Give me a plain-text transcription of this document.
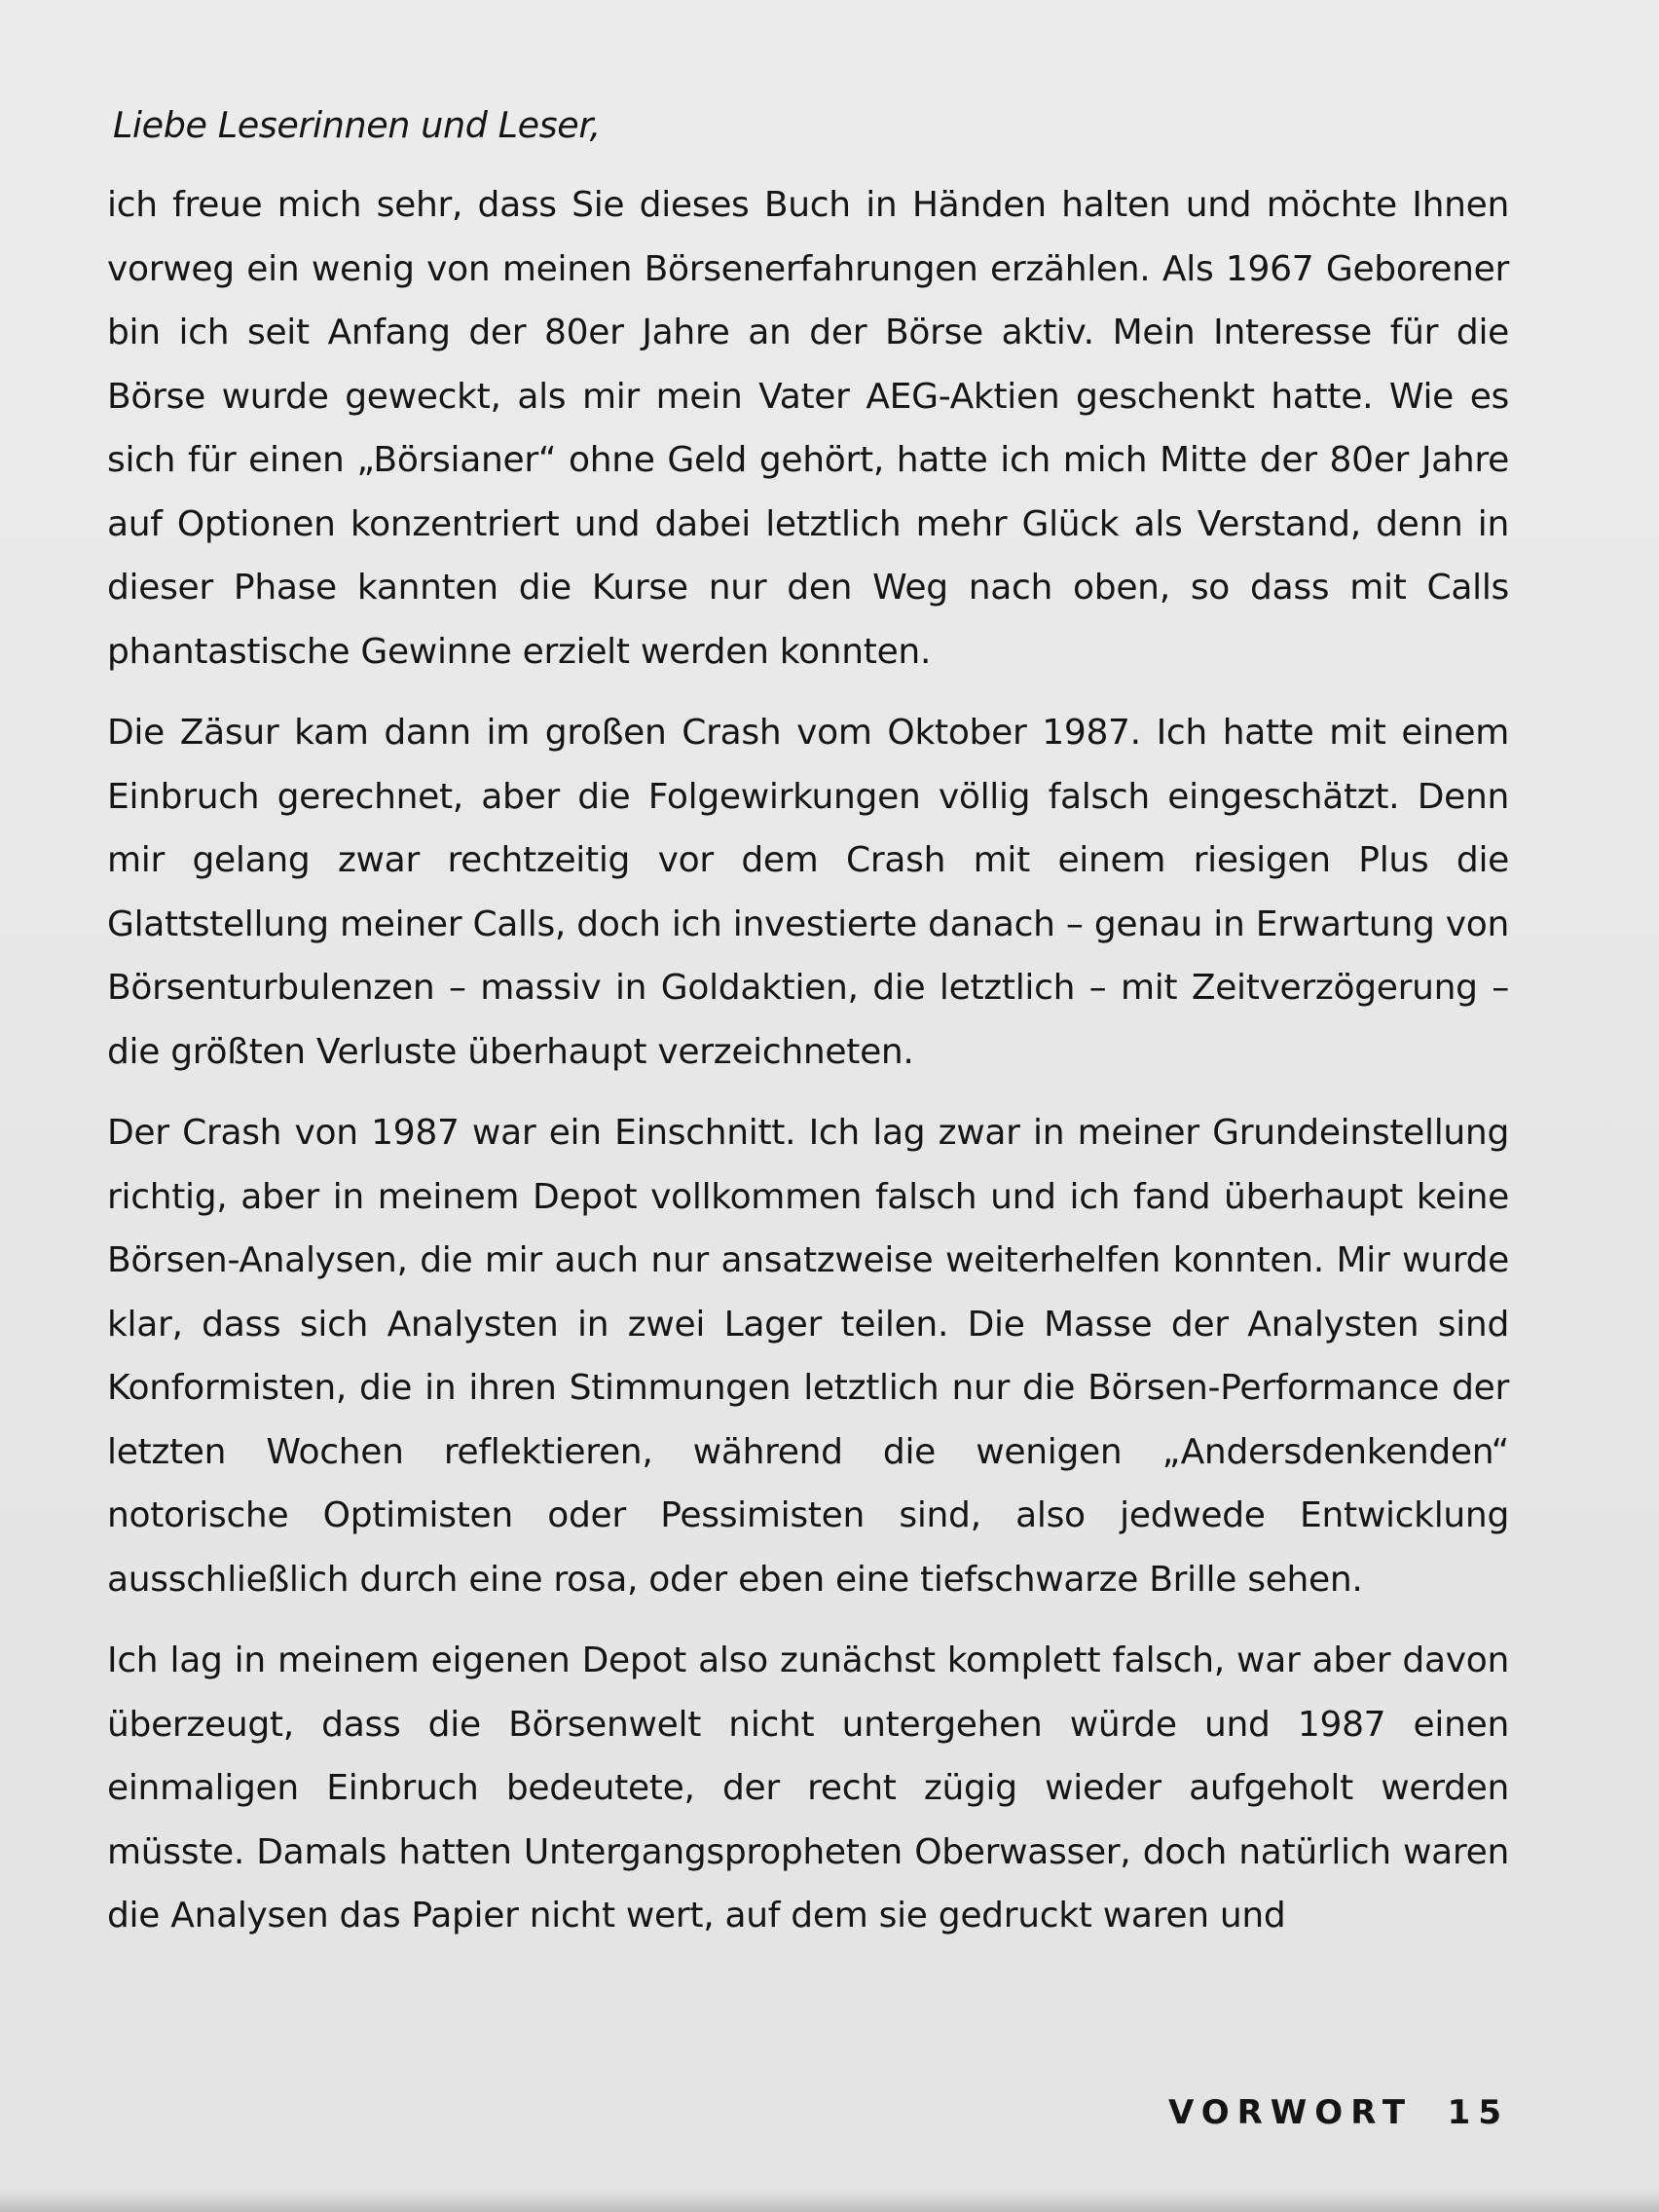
Liebe Leserinnen und Leser,

ich freue mich sehr, dass Sie dieses Buch in Händen halten und möchte Ihnen vorweg ein wenig von meinen Börsenerfahrungen erzählen. Als 1967 Geborener bin ich seit Anfang der 80er Jahre an der Börse aktiv. Mein Interesse für die Börse wurde geweckt, als mir mein Vater AEG-Aktien geschenkt hatte. Wie es sich für einen „Börsianer“ ohne Geld gehört, hatte ich mich Mitte der 80er Jahre auf Optionen konzentriert und dabei letztlich mehr Glück als Verstand, denn in dieser Phase kannten die Kurse nur den Weg nach oben, so dass mit Calls phantastische Gewinne erzielt werden konnten.

Die Zäsur kam dann im großen Crash vom Oktober 1987. Ich hatte mit einem Einbruch gerechnet, aber die Folgewirkungen völlig falsch eingeschätzt. Denn mir gelang zwar rechtzeitig vor dem Crash mit einem riesigen Plus die Glattstellung meiner Calls, doch ich investierte danach – genau in Erwartung von Börsenturbulenzen – massiv in Goldaktien, die letztlich – mit Zeitverzögerung – die größten Verluste überhaupt verzeichneten.

Der Crash von 1987 war ein Einschnitt. Ich lag zwar in meiner Grundeinstellung richtig, aber in meinem Depot vollkommen falsch und ich fand überhaupt keine Börsen-Analysen, die mir auch nur ansatzweise weiterhelfen konnten. Mir wurde klar, dass sich Analysten in zwei Lager teilen. Die Masse der Analysten sind Konformisten, die in ihren Stimmungen letztlich nur die Börsen-Performance der letzten Wochen reflektieren, während die wenigen „Andersdenkenden“ notorische Optimisten oder Pessimisten sind, also jedwede Entwicklung ausschließlich durch eine rosa, oder eben eine tiefschwarze Brille sehen.

Ich lag in meinem eigenen Depot also zunächst komplett falsch, war aber davon überzeugt, dass die Börsenwelt nicht untergehen würde und 1987 einen einmaligen Einbruch bedeutete, der recht zügig wieder aufgeholt werden müsste. Damals hatten Untergangspropheten Oberwasser, doch natürlich waren die Analysen das Papier nicht wert, auf dem sie gedruckt waren und

VORWORT 15
